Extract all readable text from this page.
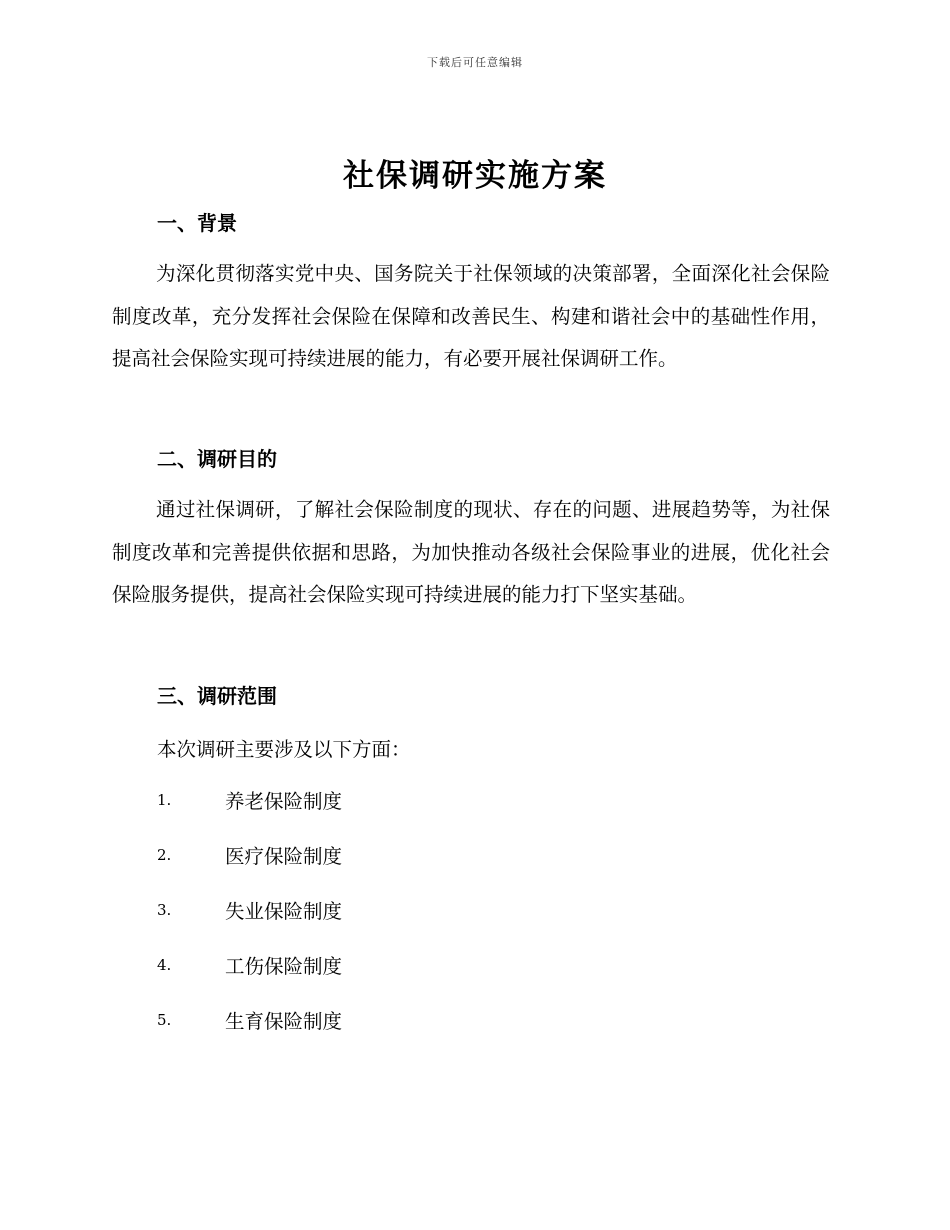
下载后可任意编辑
社保调研实施方案
一、背景

为深化贯彻落实党中央、国务院关于社保领域的决策部署，全面深化社会保险制度改革，充分发挥社会保险在保障和改善民生、构建和谐社会中的基础性作用，提高社会保险实现可持续进展的能力，有必要开展社保调研工作。

二、调研目的

通过社保调研，了解社会保险制度的现状、存在的问题、进展趋势等，为社保制度改革和完善提供依据和思路，为加快推动各级社会保险事业的进展，优化社会保险服务提供，提高社会保险实现可持续进展的能力打下坚实基础。

三、调研范围

本次调研主要涉及以下方面：

1.	养老保险制度
2.	医疗保险制度
3.	失业保险制度
4.	工伤保险制度
5.	生育保险制度
